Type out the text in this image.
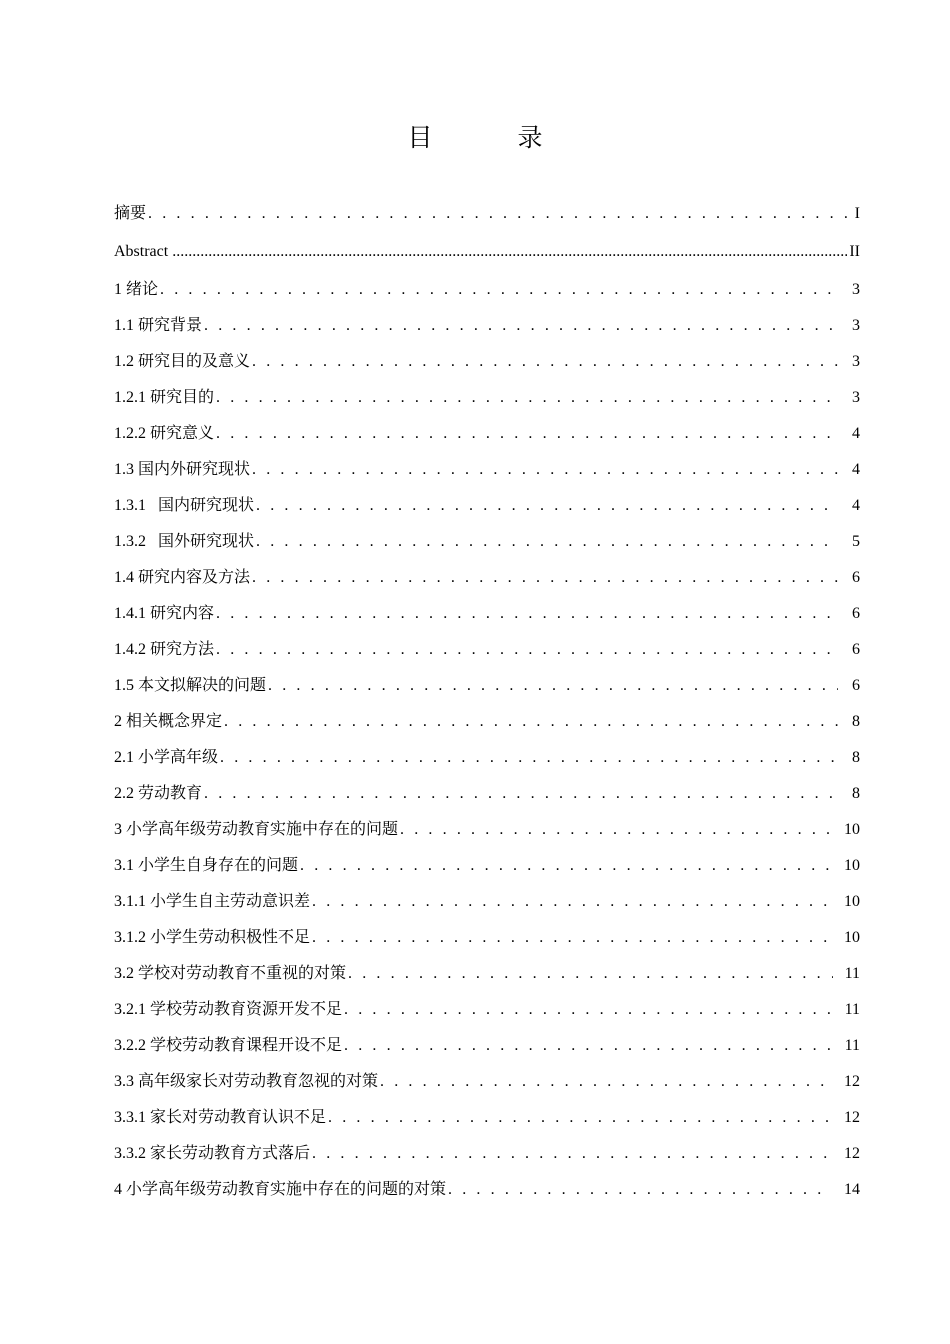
目　录
摘要 . . .	I
Abstract .....	II
1 绪论 . . .	3
1.1 研究背景 . . .	3
1.2 研究目的及意义 . . .	3
1.2.1 研究目的 . . .	3
1.2.2 研究意义 . . .	4
1.3 国内外研究现状 . . .	4
1.3.1   国内研究现状 . . .	4
1.3.2   国外研究现状 . . .	5
1.4 研究内容及方法 . . .	6
1.4.1 研究内容 . . .	6
1.4.2 研究方法 . . .	6
1.5 本文拟解决的问题 . . .	6
2 相关概念界定 . . .	8
2.1 小学高年级 . . .	8
2.2 劳动教育 . . .	8
3 小学高年级劳动教育实施中存在的问题 . . .	10
3.1 小学生自身存在的问题 . . .	10
3.1.1 小学生自主劳动意识差 . . .	10
3.1.2 小学生劳动积极性不足 . . .	10
3.2 学校对劳动教育不重视的对策 . . .	11
3.2.1 学校劳动教育资源开发不足 . . .	11
3.2.2 学校劳动教育课程开设不足 . . .	11
3.3 高年级家长对劳动教育忽视的对策 . . .	12
3.3.1 家长对劳动教育认识不足 . . .	12
3.3.2 家长劳动教育方式落后 . . .	12
4 小学高年级劳动教育实施中存在的问题的对策 . . .	14
